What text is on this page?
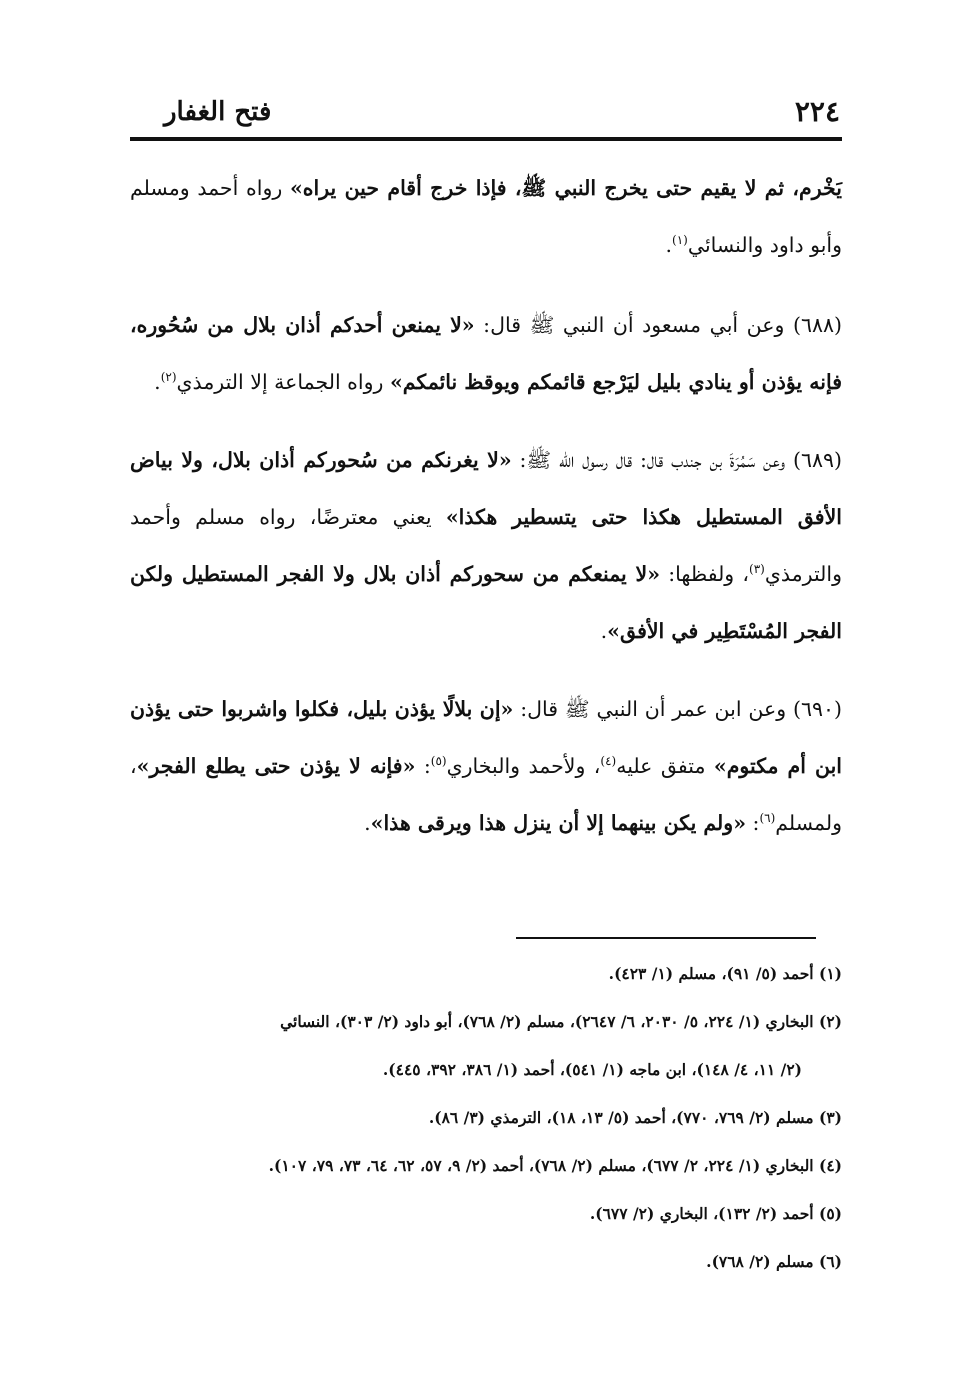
٢٢٤
فتح الغفار

يَخْرم، ثم لا يقيم حتى يخرج النبي ﷺ، فإذا خرج أقام حين يراه» رواه أحمد ومسلم وأبو داود والنسائي$^{(١)}$.

(٦٨٨) وعن أبي مسعود أن النبي ﷺ قال: «لا يمنعن أحدكم أذان بلال من سُحُوره، فإنه يؤذن أو ينادي بليل ليَرْجع قائمكم ويوقظ نائمكم» رواه الجماعة إلا الترمذي$^{(٢)}$.

(٦٨٩) وعن سَمُرَةَ بن جندب قال: قال رسول الله ﷺ: «لا يغرنكم من سُحوركم أذان بلال، ولا بياض الأفق المستطيل هكذا حتى يتسطير هكذا» يعني معترضًا، رواه مسلم وأحمد والترمذي$^{(٣)}$، ولفظها: «لا يمنعكم من سحوركم أذان بلال ولا الفجر المستطيل ولكن الفجر المُسْتَطِير في الأفق».

(٦٩٠) وعن ابن عمر أن النبي ﷺ قال: «إن بلالًا يؤذن بليل، فكلوا واشربوا حتى يؤذن ابن أم مكتوم» متفق عليه$^{(٤)}$، ولأحمد والبخاري$^{(٥)}$: «فإنه لا يؤذن حتى يطلع الفجر»، ولمسلم$^{(٦)}$: «ولم يكن بينهما إلا أن ينزل هذا ويرقى هذا».

(١) أحمد (٥/ ٩١)، مسلم (١/ ٤٢٣).

(٢) البخاري (١/ ٢٢٤، ٥/ ٢٠٣٠، ٦/ ٢٦٤٧)، مسلم (٢/ ٧٦٨)، أبو داود (٢/ ٣٠٣)، النسائي
(٢/ ١١، ٤/ ١٤٨)، ابن ماجه (١/ ٥٤١)، أحمد (١/ ٣٨٦، ٣٩٢، ٤٤٥).

(٣) مسلم (٢/ ٧٦٩، ٧٧٠)، أحمد (٥/ ١٣، ١٨)، الترمذي (٣/ ٨٦).

(٤) البخاري (١/ ٢٢٤، ٢/ ٦٧٧)، مسلم (٢/ ٧٦٨)، أحمد (٢/ ٩، ٥٧، ٦٢، ٦٤، ٧٣، ٧٩، ١٠٧).

(٥) أحمد (٢/ ١٣٢)، البخاري (٢/ ٦٧٧).

(٦) مسلم (٢/ ٧٦٨).
